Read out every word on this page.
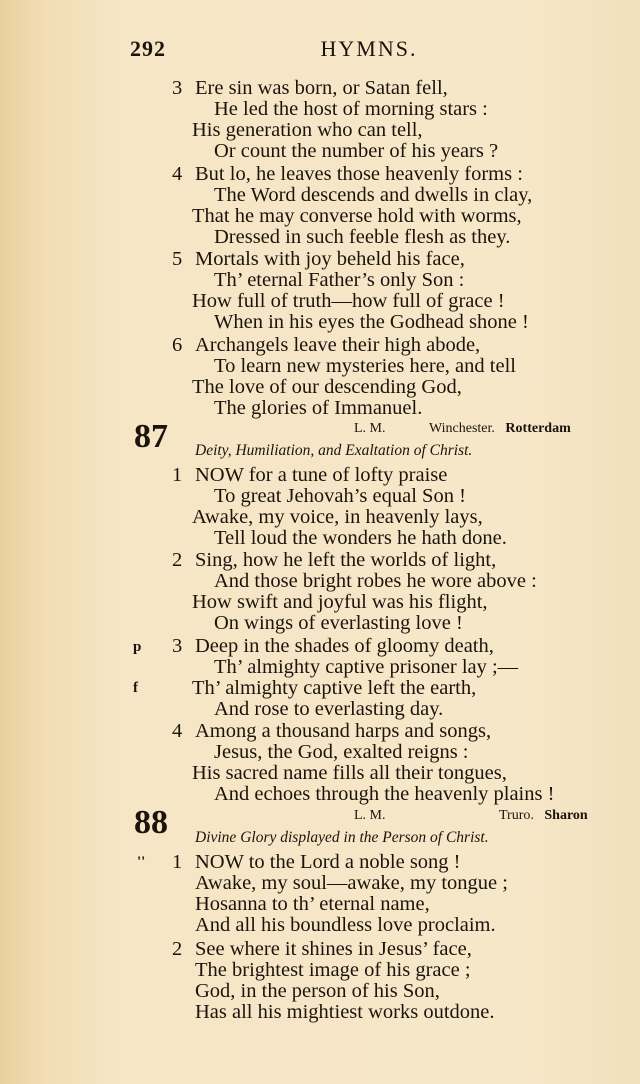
292	HYMNS.
3 Ere sin was born, or Satan fell,
He led the host of morning stars :
His generation who can tell,
Or count the number of his years ?
4 But lo, he leaves those heavenly forms :
The Word descends and dwells in clay,
That he may converse hold with worms,
Dressed in such feeble flesh as they.
5 Mortals with joy beheld his face,
Th’ eternal Father’s only Son :
How full of truth—how full of grace !
When in his eyes the Godhead shone !
6 Archangels leave their high abode,
To learn new mysteries here, and tell
The love of our descending God,
The glories of Immanuel.
87	L. M.	Winchester. Rotterdam
Deity, Humiliation, and Exaltation of Christ.
1 NOW for a tune of lofty praise
To great Jehovah’s equal Son !
Awake, my voice, in heavenly lays,
Tell loud the wonders he hath done.
2 Sing, how he left the worlds of light,
And those bright robes he wore above :
How swift and joyful was his flight,
On wings of everlasting love !
p 3 Deep in the shades of gloomy death,
Th’ almighty captive prisoner lay ;—
f	Th’ almighty captive left the earth,
And rose to everlasting day.
4 Among a thousand harps and songs,
Jesus, the God, exalted reigns :
His sacred name fills all their tongues,
And echoes through the heavenly plains !
88	L. M.	Truro. Sharon
Divine Glory displayed in the Person of Christ.
'' 1 NOW to the Lord a noble song !
Awake, my soul—awake, my tongue ;
Hosanna to th’ eternal name,
And all his boundless love proclaim.
2 See where it shines in Jesus’ face,
The brightest image of his grace ;
God, in the person of his Son,
Has all his mightiest works outdone.
